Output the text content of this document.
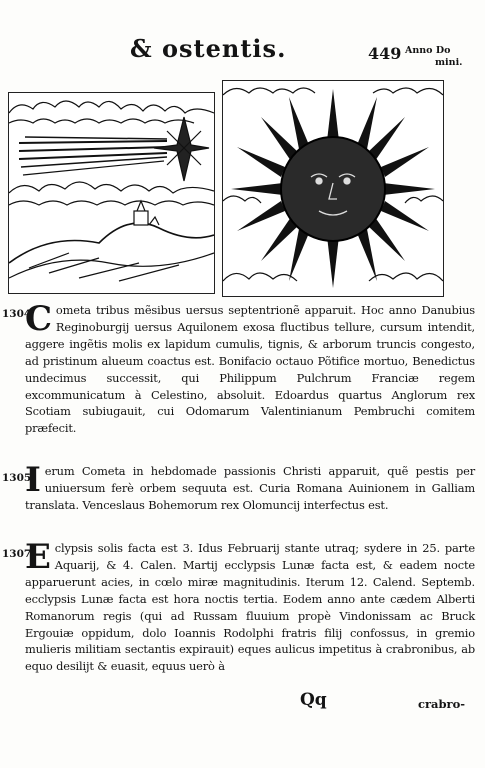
& ostentis.	449 Anno Do
mini.
1304

C ometa tribus mẽsibus uersus septentrionẽ apparuit. Hoc anno Danubius Reginoburgij uersus Aquilonem exosa fluctibus tellure, cursum intendit, aggere ingẽtis molis ex lapidum cumulis, tignis, & arborum truncis congesto, ad pristinum alueum coactus est. Bonifacio octauo Põtifice mortuo, Benedictus undecimus successit, qui Philippum Pulchrum Franciæ regem excommunicatum à Celestino, absoluit. Edoardus quartus Anglorum rex Scotiam subiugauit, cui Odomarum Valentinianum Pembruchi comitem præfecit.

1305

I erum Cometa in hebdomade passionis Christi apparuit, quẽ pestis per uniuersum ferè orbem sequuta est. Curia Romana Auinionem in Galliam translata. Venceslaus Bohemorum rex Olomuncij interfectus est.

1307

E clypsis solis facta est 3. Idus Februarij stante utraq; sydere in 25. parte Aquarij, & 4. Calen. Martij ecclypsis Lunæ facta est, & eadem nocte apparuerunt acies, in cœlo miræ magnitudinis. Iterum 12. Calend. Septemb. ecclypsis Lunæ facta est hora noctis tertia. Eodem anno ante cædem Alberti Romanorum regis (qui ad Russam fluuium propè Vindonissam ac Bruck Ergouiæ oppidum, dolo Ioannis Rodolphi fratris filij confossus, in gremio mulieris militiam sectantis expirauit) eques aulicus impetitus à crabronibus, ab equo desilijt & euasit, equus uerò à

Qq	crabro-
